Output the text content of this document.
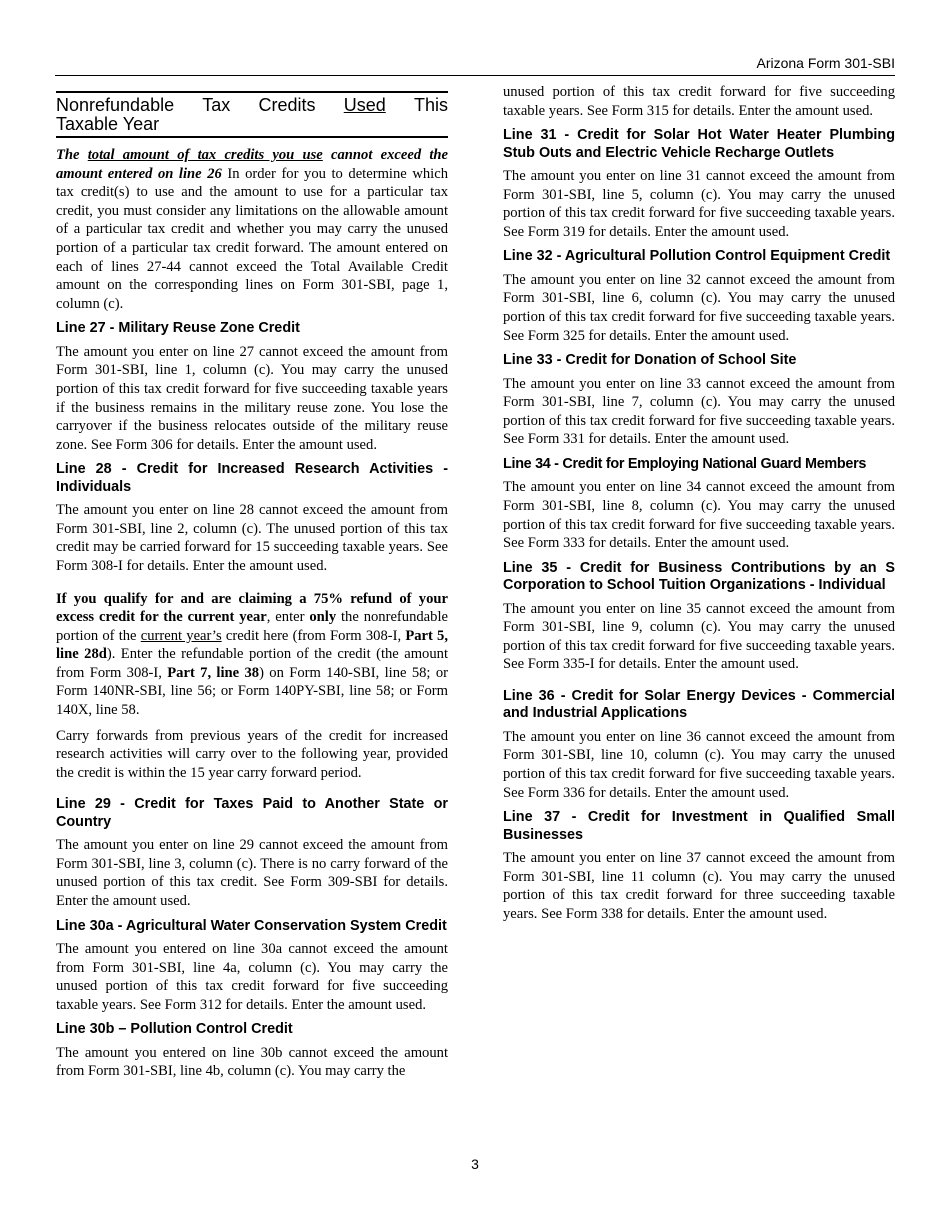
Arizona Form 301-SBI
Nonrefundable Tax Credits Used This
Taxable Year

The total amount of tax credits you use cannot exceed the amount entered on line 26 In order for you to determine which tax credit(s) to use and the amount to use for a particular tax credit, you must consider any limitations on the allowable amount of a particular tax credit and whether you may carry the unused portion of a particular tax credit forward. The amount entered on each of lines 27-44 cannot exceed the Total Available Credit amount on the corresponding lines on Form 301-SBI, page 1, column (c).

Line 27 - Military Reuse Zone Credit

The amount you enter on line 27 cannot exceed the amount from Form 301-SBI, line 1, column (c). You may carry the unused portion of this tax credit forward for five succeeding taxable years if the business remains in the military reuse zone. You lose the carryover if the business relocates outside of the military reuse zone. See Form 306 for details. Enter the amount used.

Line 28 - Credit for Increased Research Activities - Individuals

The amount you enter on line 28 cannot exceed the amount from Form 301-SBI, line 2, column (c). The unused portion of this tax credit may be carried forward for 15 succeeding taxable years. See Form 308-I for details. Enter the amount used.

If you qualify for and are claiming a 75% refund of your excess credit for the current year, enter only the nonrefundable portion of the current year’s credit here (from Form 308-I, Part 5, line 28d). Enter the refundable portion of the credit (the amount from Form 308-I, Part 7, line 38) on Form 140-SBI, line 58; or Form 140NR-SBI, line 56; or Form 140PY-SBI, line 58; or Form 140X, line 58.

Carry forwards from previous years of the credit for increased research activities will carry over to the following year, provided the credit is within the 15 year carry forward period.

Line 29 - Credit for Taxes Paid to Another State or Country

The amount you enter on line 29 cannot exceed the amount from Form 301-SBI, line 3, column (c). There is no carry forward of the unused portion of this tax credit. See Form 309-SBI for details. Enter the amount used.

Line 30a - Agricultural Water Conservation System Credit

The amount you entered on line 30a cannot exceed the amount from Form 301-SBI, line 4a, column (c). You may carry the unused portion of this tax credit forward for five succeeding taxable years. See Form 312 for details. Enter the amount used.

Line 30b – Pollution Control Credit

The amount you entered on line 30b cannot exceed the amount from Form 301-SBI, line 4b, column (c). You may carry the

unused portion of this tax credit forward for five succeeding taxable years. See Form 315 for details. Enter the amount used.

Line 31 - Credit for Solar Hot Water Heater Plumbing Stub Outs and Electric Vehicle Recharge Outlets

The amount you enter on line 31 cannot exceed the amount from Form 301-SBI, line 5, column (c). You may carry the unused portion of this tax credit forward for five succeeding taxable years. See Form 319 for details. Enter the amount used.

Line 32 - Agricultural Pollution Control Equipment Credit

The amount you enter on line 32 cannot exceed the amount from Form 301-SBI, line 6, column (c). You may carry the unused portion of this tax credit forward for five succeeding taxable years. See Form 325 for details. Enter the amount used.

Line 33 - Credit for Donation of School Site

The amount you enter on line 33 cannot exceed the amount from Form 301-SBI, line 7, column (c). You may carry the unused portion of this tax credit forward for five succeeding taxable years. See Form 331 for details. Enter the amount used.

Line 34 - Credit for Employing National Guard Members

The amount you enter on line 34 cannot exceed the amount from Form 301-SBI, line 8, column (c). You may carry the unused portion of this tax credit forward for five succeeding taxable years. See Form 333 for details. Enter the amount used.

Line 35 - Credit for Business Contributions by an S Corporation to School Tuition Organizations - Individual

The amount you enter on line 35 cannot exceed the amount from Form 301-SBI, line 9, column (c). You may carry the unused portion of this tax credit forward for five succeeding taxable years. See Form 335-I for details. Enter the amount used.

Line 36 - Credit for Solar Energy Devices - Commercial and Industrial Applications

The amount you enter on line 36 cannot exceed the amount from Form 301-SBI, line 10, column (c). You may carry the unused portion of this tax credit forward for five succeeding taxable years. See Form 336 for details. Enter the amount used.

Line 37 - Credit for Investment in Qualified Small Businesses

The amount you enter on line 37 cannot exceed the amount from Form 301-SBI, line 11 column (c). You may carry the unused portion of this tax credit forward for three succeeding taxable years. See Form 338 for details. Enter the amount used.

3
